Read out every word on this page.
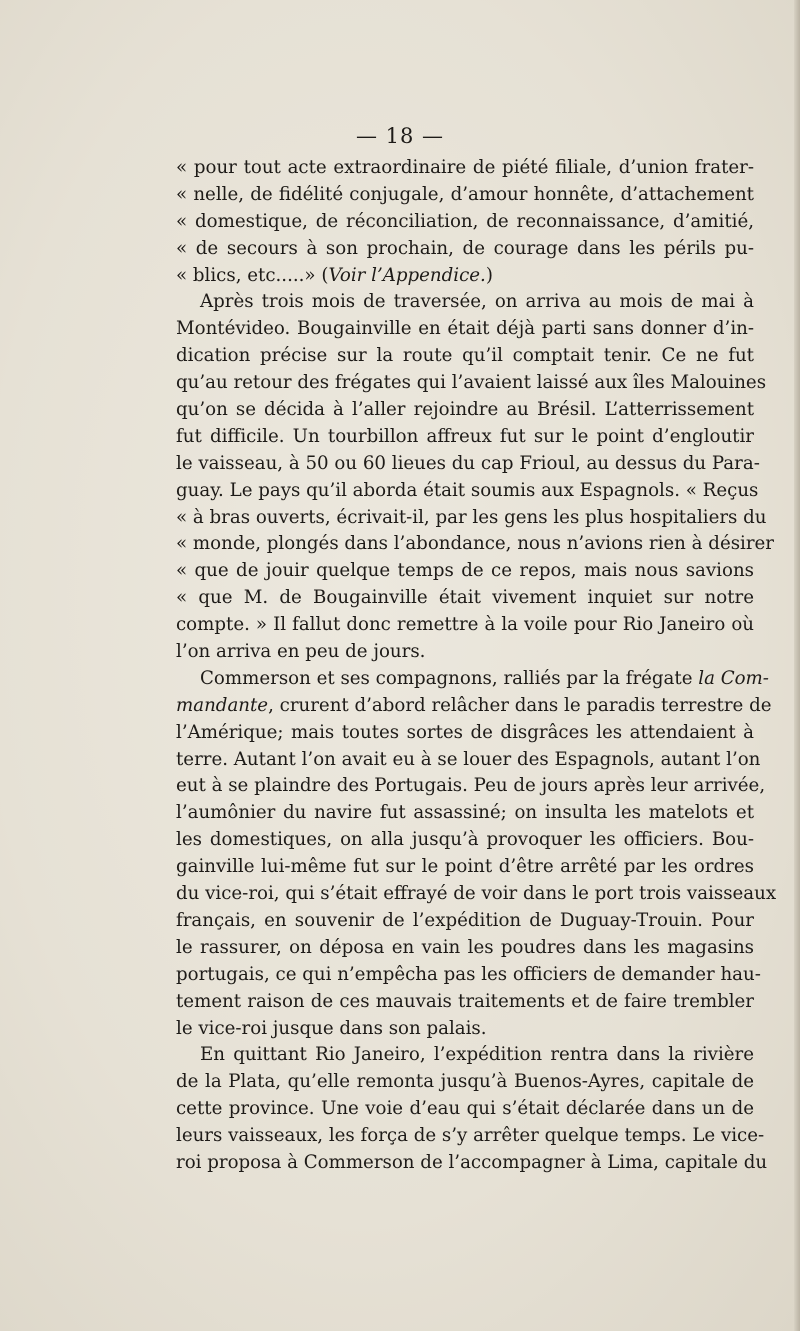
— 18 —
« pour tout acte extraordinaire de piété filiale, d’union frater-
« nelle, de fidélité conjugale, d’amour honnête, d’attachement
« domestique, de réconciliation, de reconnaissance, d’amitié,
« de secours à son prochain, de courage dans les périls pu-
« blics, etc.....» (Voir l’Appendice.)
Après trois mois de traversée, on arriva au mois de mai à
Montévideo. Bougainville en était déjà parti sans donner d’in-
dication précise sur la route qu’il comptait tenir. Ce ne fut
qu’au retour des frégates qui l’avaient laissé aux îles Malouines
qu’on se décida à l’aller rejoindre au Brésil. L’atterrissement
fut difficile. Un tourbillon affreux fut sur le point d’engloutir
le vaisseau, à 50 ou 60 lieues du cap Frioul, au dessus du Para-
guay. Le pays qu’il aborda était soumis aux Espagnols. « Reçus
« à bras ouverts, écrivait-il, par les gens les plus hospitaliers du
« monde, plongés dans l’abondance, nous n’avions rien à désirer
« que de jouir quelque temps de ce repos, mais nous savions
« que M. de Bougainville était vivement inquiet sur notre
compte. » Il fallut donc remettre à la voile pour Rio Janeiro où
l’on arriva en peu de jours.
Commerson et ses compagnons, ralliés par la frégate la Com-
mandante, crurent d’abord relâcher dans le paradis terrestre de
l’Amérique; mais toutes sortes de disgrâces les attendaient à
terre. Autant l’on avait eu à se louer des Espagnols, autant l’on
eut à se plaindre des Portugais. Peu de jours après leur arrivée,
l’aumônier du navire fut assassiné; on insulta les matelots et
les domestiques, on alla jusqu’à provoquer les officiers. Bou-
gainville lui-même fut sur le point d’être arrêté par les ordres
du vice-roi, qui s’était effrayé de voir dans le port trois vaisseaux
français, en souvenir de l’expédition de Duguay-Trouin. Pour
le rassurer, on déposa en vain les poudres dans les magasins
portugais, ce qui n’empêcha pas les officiers de demander hau-
tement raison de ces mauvais traitements et de faire trembler
le vice-roi jusque dans son palais.
En quittant Rio Janeiro, l’expédition rentra dans la rivière
de la Plata, qu’elle remonta jusqu’à Buenos-Ayres, capitale de
cette province. Une voie d’eau qui s’était déclarée dans un de
leurs vaisseaux, les força de s’y arrêter quelque temps. Le vice-
roi proposa à Commerson de l’accompagner à Lima, capitale du
